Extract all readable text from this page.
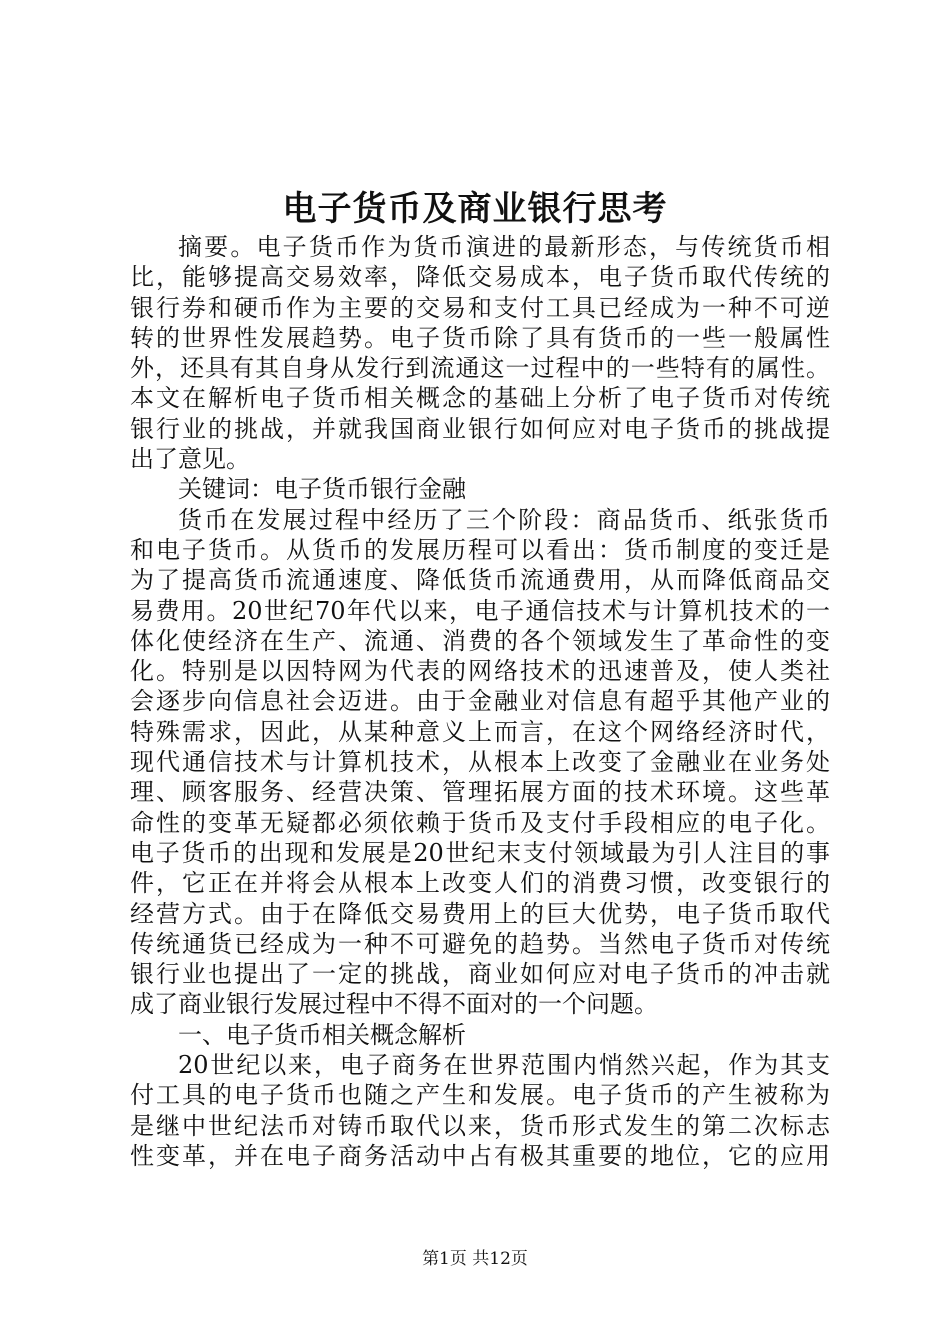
电子货币及商业银行思考
摘要。电子货币作为货币演进的最新形态，与传统货币相
比，能够提高交易效率，降低交易成本，电子货币取代传统的
银行券和硬币作为主要的交易和支付工具已经成为一种不可逆
转的世界性发展趋势。电子货币除了具有货币的一些一般属性
外，还具有其自身从发行到流通这一过程中的一些特有的属性。
本文在解析电子货币相关概念的基础上分析了电子货币对传统
银行业的挑战，并就我国商业银行如何应对电子货币的挑战提
出了意见。
关键词：电子货币银行金融
货币在发展过程中经历了三个阶段：商品货币、纸张货币
和电子货币。从货币的发展历程可以看出：货币制度的变迁是
为了提高货币流通速度、降低货币流通费用，从而降低商品交
易费用。20世纪70年代以来，电子通信技术与计算机技术的一
体化使经济在生产、流通、消费的各个领域发生了革命性的变
化。特别是以因特网为代表的网络技术的迅速普及，使人类社
会逐步向信息社会迈进。由于金融业对信息有超乎其他产业的
特殊需求，因此，从某种意义上而言，在这个网络经济时代，
现代通信技术与计算机技术，从根本上改变了金融业在业务处
理、顾客服务、经营决策、管理拓展方面的技术环境。这些革
命性的变革无疑都必须依赖于货币及支付手段相应的电子化。
电子货币的出现和发展是20世纪末支付领域最为引人注目的事
件，它正在并将会从根本上改变人们的消费习惯，改变银行的
经营方式。由于在降低交易费用上的巨大优势，电子货币取代
传统通货已经成为一种不可避免的趋势。当然电子货币对传统
银行业也提出了一定的挑战，商业如何应对电子货币的冲击就
成了商业银行发展过程中不得不面对的一个问题。
一、电子货币相关概念解析
20世纪以来，电子商务在世界范围内悄然兴起，作为其支
付工具的电子货币也随之产生和发展。电子货币的产生被称为
是继中世纪法币对铸币取代以来，货币形式发生的第二次标志
性变革，并在电子商务活动中占有极其重要的地位，它的应用
第1页 共12页
